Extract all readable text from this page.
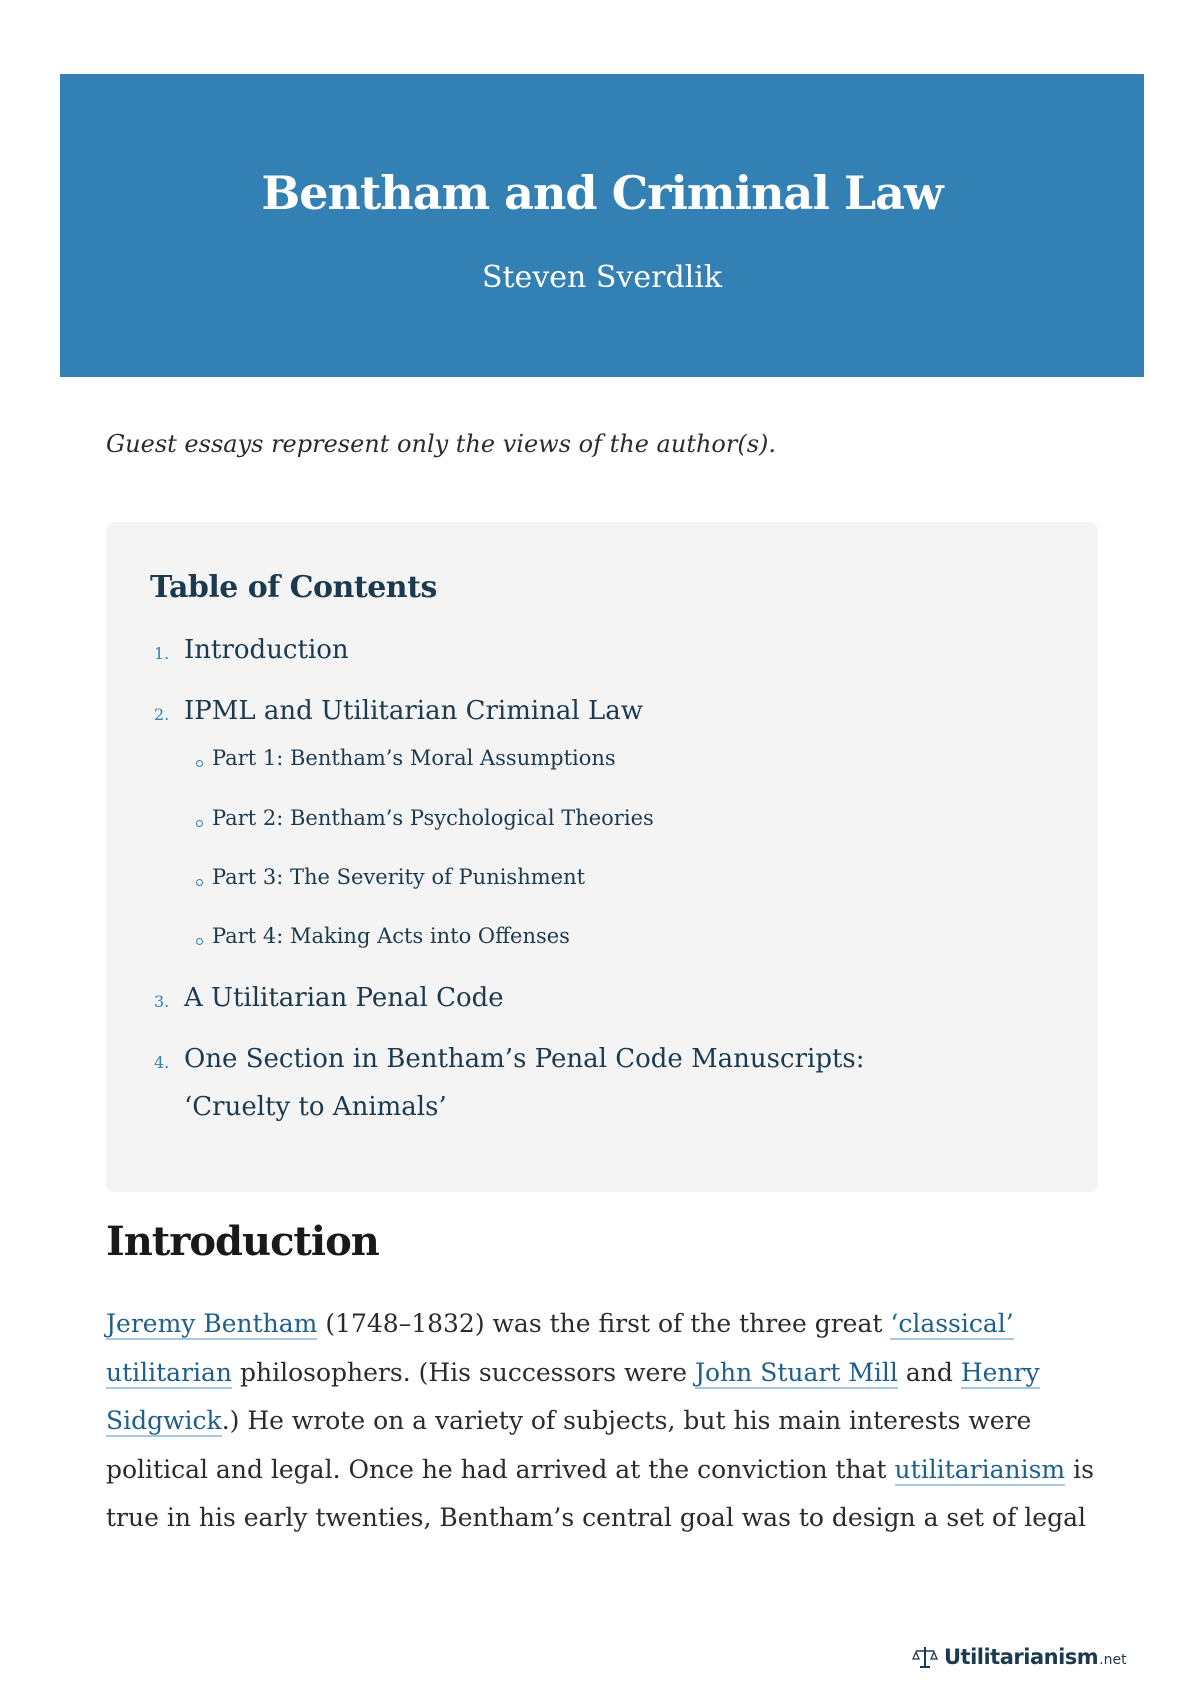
Bentham and Criminal Law
Steven Sverdlik
Guest essays represent only the views of the author(s).
Table of Contents
1. Introduction
2. IPML and Utilitarian Criminal Law
Part 1: Bentham’s Moral Assumptions
Part 2: Bentham’s Psychological Theories
Part 3: The Severity of Punishment
Part 4: Making Acts into Offenses
3. A Utilitarian Penal Code
4. One Section in Bentham’s Penal Code Manuscripts: ‘Cruelty to Animals’
Introduction

Jeremy Bentham (1748–1832) was the first of the three great ‘classical’ utilitarian philosophers. (His successors were John Stuart Mill and Henry Sidgwick.) He wrote on a variety of subjects, but his main interests were political and legal. Once he had arrived at the conviction that utilitarianism is true in his early twenties, Bentham’s central goal was to design a set of legal

Utilitarianism .net
